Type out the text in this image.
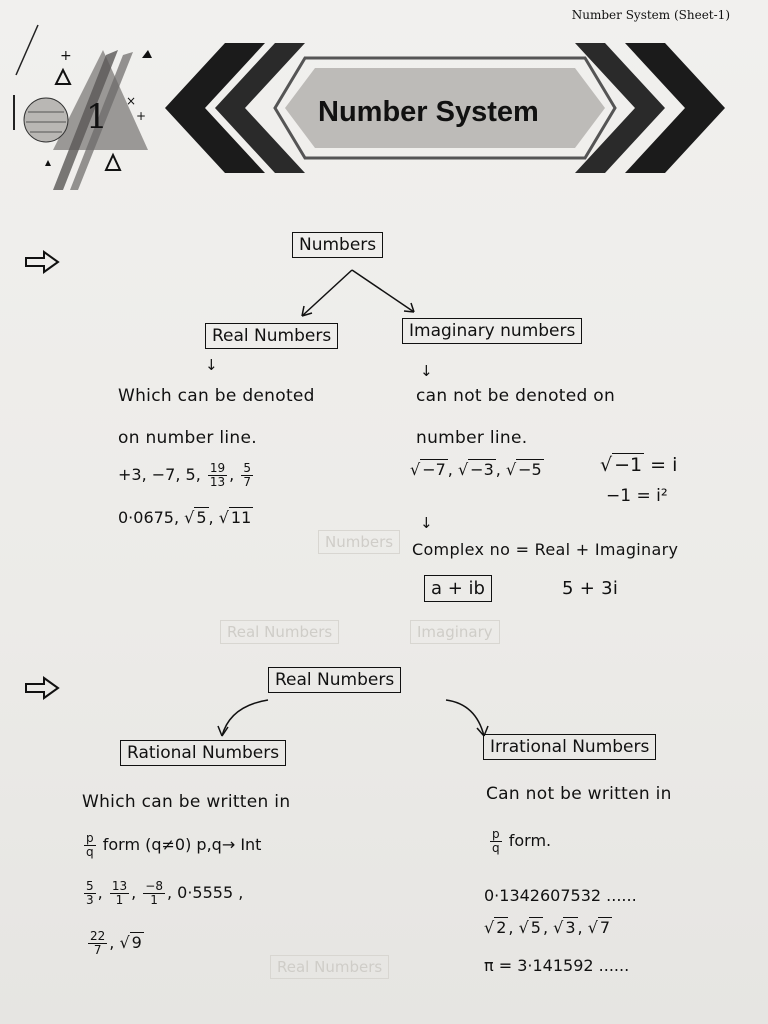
Number System (Sheet-1)
1
+
×
+	Number System
Numbers
Real Numbers	Imaginary
Real Numbers
Numbers
Real Numbers	Imaginary numbers
↓	↓
Which can be denoted
on number line.
+3, −7, 5, $\frac{19}{13}$ , $\frac{5}{7}$
0·0675, √ 5 , √ 11
can not be denoted on
number line.
√ −7 , √ −3 , √ −5	√ −1 = i
−1 = i²
↓
Complex no = Real + Imaginary
a + ib	5 + 3i
Real Numbers
Rational Numbers	Irrational Numbers
Which can be written in
$\frac{p}{q}$ form (q≠0) p,q→ Int
$\frac{5}{3}$ , $\frac{13}{1}$ , $\frac{-8}{1}$ , 0·5555 ,
$\frac{22}{7}$ , √ 9
Can not be written in
$\frac{p}{q}$ form.
0·1342607532 ......
√ 2 , √ 5 , √ 3 , √ 7
π = 3·141592 ......
